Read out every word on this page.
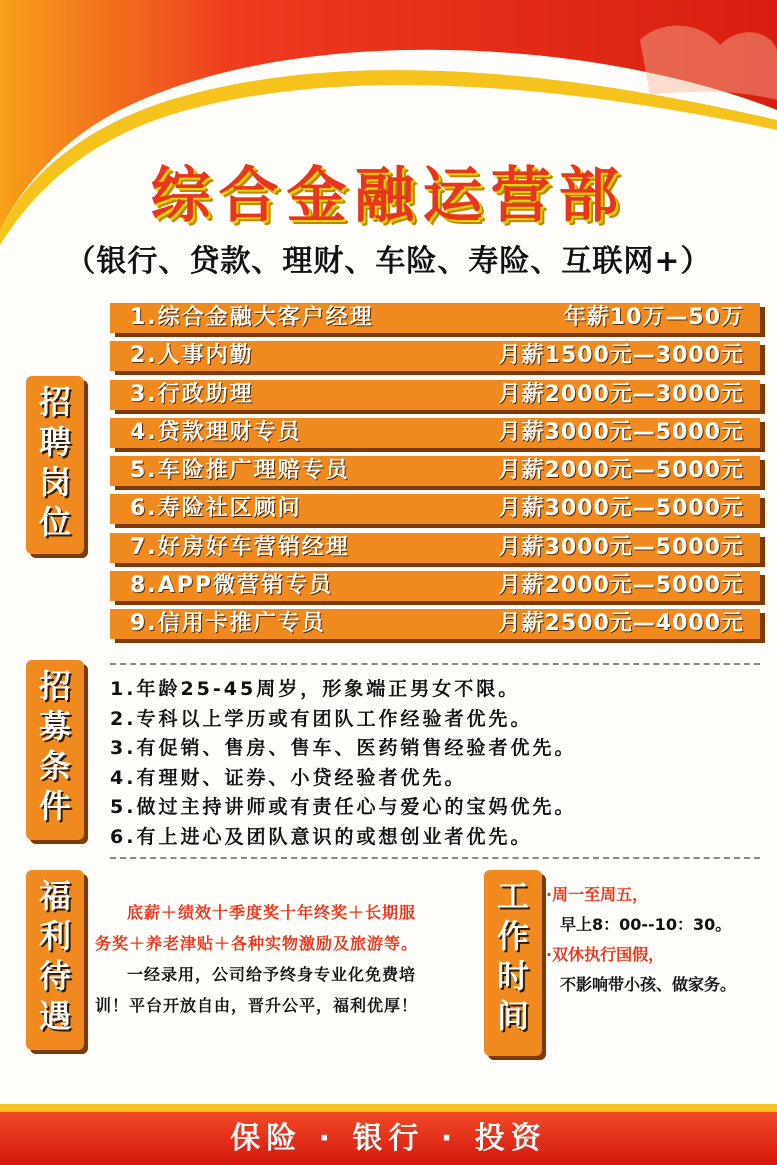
综合金融运营部
（银行、贷款、理财、车险、寿险、互联网+）
招
聘
岗
位
1.综合金融大客户经理	年薪10万—50万
2.人事内勤	月薪1500元—3000元
3.行政助理	月薪2000元—3000元
4.贷款理财专员	月薪3000元—5000元
5.车险推广理赔专员	月薪2000元—5000元
6.寿险社区顾问	月薪3000元—5000元
7.好房好车营销经理	月薪3000元—5000元
8.APP微营销专员	月薪2000元—5000元
9.信用卡推广专员	月薪2500元—4000元
招
募
条
件
1.年龄25-45周岁，形象端正男女不限。
2.专科以上学历或有团队工作经验者优先。
3.有促销、售房、售车、医药销售经验者优先。
4.有理财、证券、小贷经验者优先。
5.做过主持讲师或有责任心与爱心的宝妈优先。
6.有上进心及团队意识的或想创业者优先。
福
利
待
遇
底薪＋绩效十季度奖十年终奖＋长期服
务奖＋养老津贴＋各种实物激励及旅游等。
一经录用，公司给予终身专业化免费培
训！平台开放自由，晋升公平，福利优厚！
工
作
时
间
·周一至周五，
早上8：00--10：30。
·双休执行国假，
不影响带小孩、做家务。
保险 · 银行 · 投资
